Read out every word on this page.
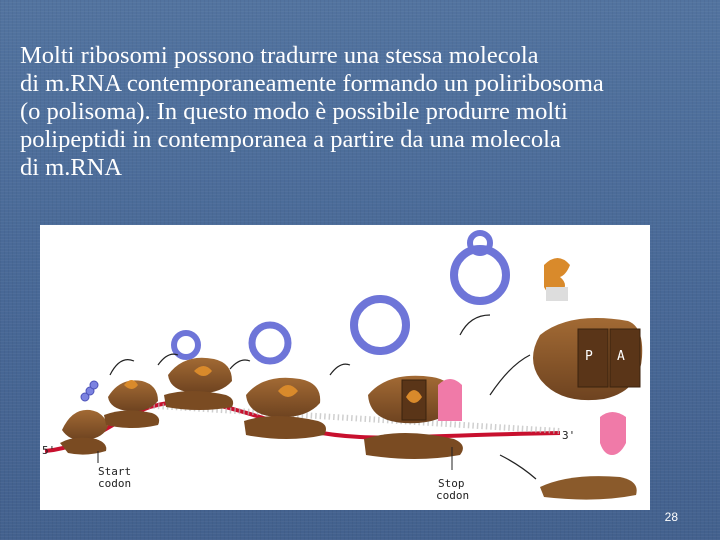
Molti ribosomi possono tradurre una stessa molecola
di m.RNA contemporaneamente formando un poliribosoma
(o polisoma). In questo modo è possibile produrre molti
polipeptidi in contemporanea a partire da una molecola
di m.RNA

P A
5'
3'
Start
codon	Stop
codon
28
